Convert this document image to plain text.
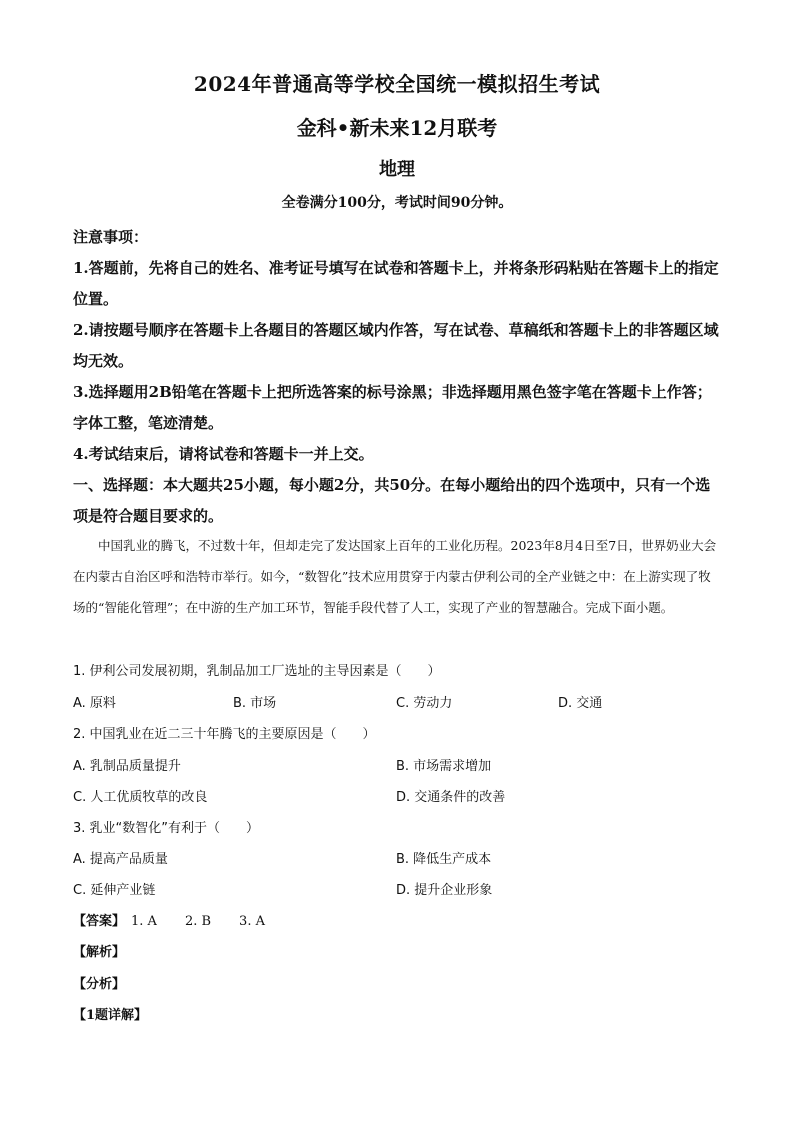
2024年普通高等学校全国统一模拟招生考试
金科•新未来12月联考
地理
全卷满分100分，考试时间90分钟。

注意事项：

1.答题前，先将自己的姓名、准考证号填写在试卷和答题卡上，并将条形码粘贴在答题卡上的指定位置。

2.请按题号顺序在答题卡上各题目的答题区域内作答，写在试卷、草稿纸和答题卡上的非答题区域均无效。

3.选择题用2B铅笔在答题卡上把所选答案的标号涂黑；非选择题用黑色签字笔在答题卡上作答；字体工整，笔迹清楚。

4.考试结束后，请将试卷和答题卡一并上交。

一、选择题：本大题共25小题，每小题2分，共50分。在每小题给出的四个选项中，只有一个选项是符合题目要求的。
中国乳业的腾飞，不过数十年，但却走完了发达国家上百年的工业化历程。2023年8月4日至7日，世界奶业大会在内蒙古自治区呼和浩特市举行。如今，“数智化”技术应用贯穿于内蒙古伊利公司的全产业链之中：在上游实现了牧场的“智能化管理”；在中游的生产加工环节，智能手段代替了人工，实现了产业的智慧融合。完成下面小题。
1. 伊利公司发展初期，乳制品加工厂选址的主导因素是（　　）
A. 原料	B. 市场	C. 劳动力	D. 交通
2. 中国乳业在近二三十年腾飞的主要原因是（　　）
A. 乳制品质量提升	B. 市场需求增加
C. 人工优质牧草的改良	D. 交通条件的改善
3. 乳业“数智化”有利于（　　）
A. 提高产品质量	B. 降低生产成本
C. 延伸产业链	D. 提升企业形象
【答案】 1. A 2. B 3. A
【解析】
【分析】
【1题详解】
